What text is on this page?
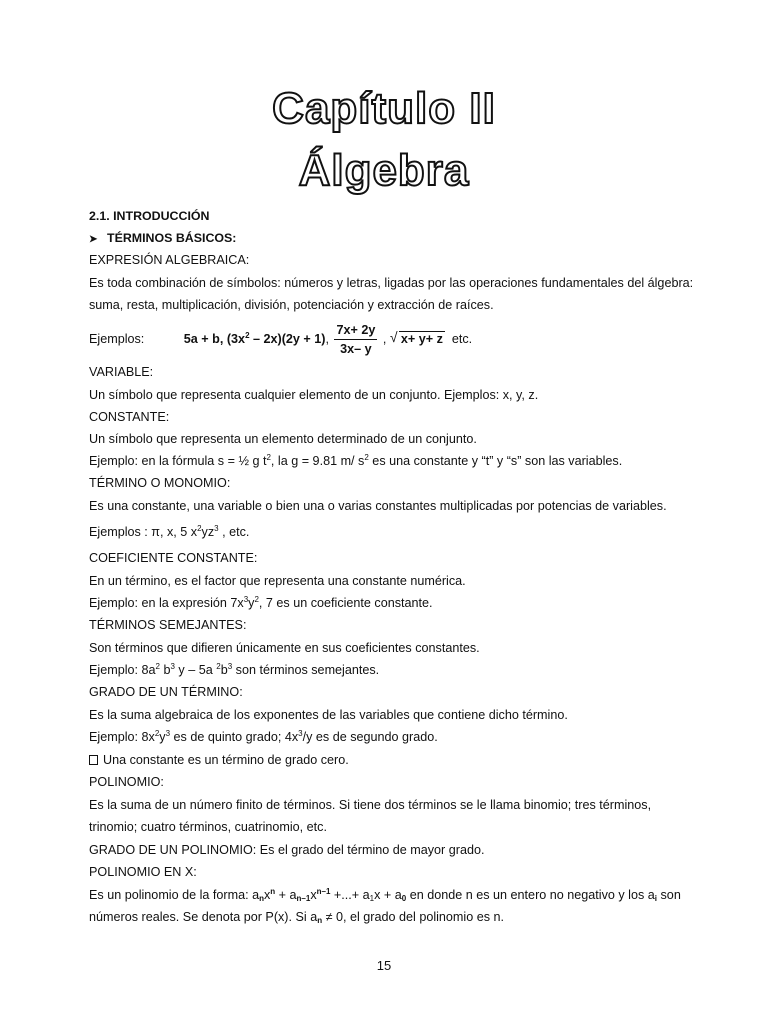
Capítulo II
Álgebra
2.1. INTRODUCCIÓN
➤ TÉRMINOS BÁSICOS:
EXPRESIÓN ALGEBRAICA:
Es toda combinación de símbolos: números y letras, ligadas por las operaciones fundamentales del álgebra:
suma, resta, multiplicación, división, potenciación y extracción de raíces.
Ejemplos:	5a + b, $(3x^2 - 2x)(2y + 1)$, $\frac{7x+ 2y}{3x- y}$ , √ x+ y+ z etc.
VARIABLE:
Un símbolo que representa cualquier elemento de un conjunto. Ejemplos: x, y, z.
CONSTANTE:
Un símbolo que representa un elemento determinado de un conjunto.
Ejemplo: en la fórmula s = ½ g $t^2$, la g = 9.81 m/ $s^2$ es una constante y “t” y “s” son las variables.
TÉRMINO O MONOMIO:
Es una constante, una variable o bien una o varias constantes multiplicadas por potencias de variables.
Ejemplos : π, x, 5 $x^2yz^3$ , etc.
COEFICIENTE CONSTANTE:
En un término, es el factor que representa una constante numérica.
Ejemplo: en la expresión $7x^3y^2$, 7 es un coeficiente constante.
TÉRMINOS SEMEJANTES:
Son términos que difieren únicamente en sus coeficientes constantes.
Ejemplo: $8a^2$ $b^3$ y – 5a $^2b^3$ son términos semejantes.
GRADO DE UN TÉRMINO:
Es la suma algebraica de los exponentes de las variables que contiene dicho término.
Ejemplo: $8x^2y^3$ es de quinto grado; $4x^3/y$ es de segundo grado.
Una constante es un término de grado cero.
POLINOMIO:
Es la suma de un número finito de términos. Si tiene dos términos se le llama binomio; tres términos,
trinomio; cuatro términos, cuatrinomio, etc.
GRADO DE UN POLINOMIO: Es el grado del término de mayor grado.
POLINOMIO EN X:
Es un polinomio de la forma: $a_nx^n + a_{n-1}x^{n-1}$ +...+ $a_1x + a_0$ en donde n es un entero no negativo y los $a_i$ son
números reales. Se denota por P(x). Si $a_n \ne 0$, el grado del polinomio es n.
15
